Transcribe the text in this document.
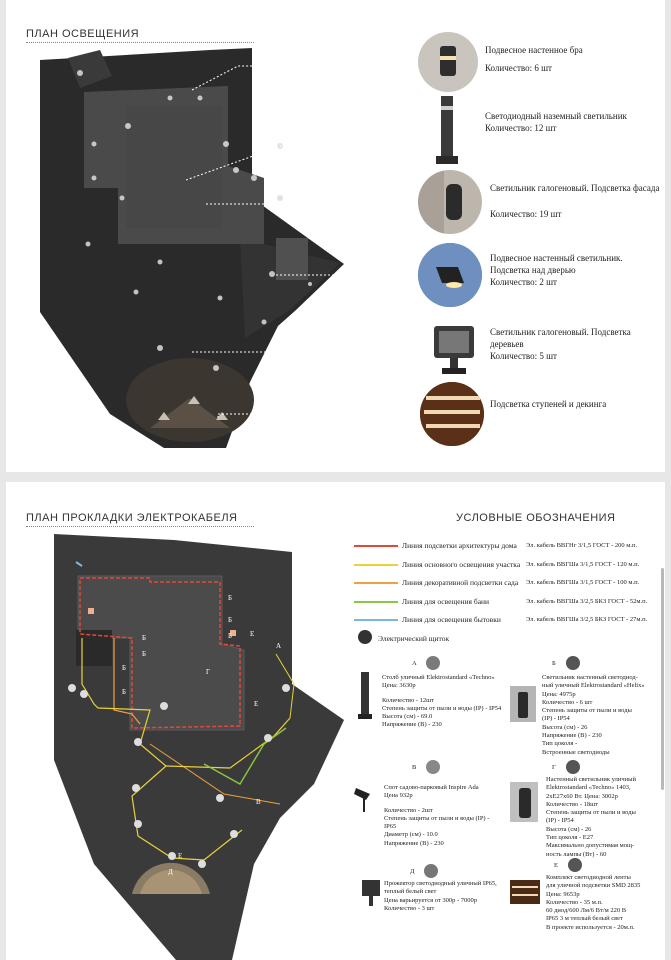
ПЛАН ОСВЕЩЕНИЯ
Подвесное настенное бра
Количество: 6 шт
Светодиодный наземный светильник
Количество: 12 шт
Светильник галогеновый. Подсветка фасада
Количество: 19 шт
Подвесное настенный светильник. Подсветка над дверью
Количество: 2 шт
Светильник галогеновый. Подсветка деревьев
Количество: 5 шт
Подсветка ступеней и декинга
ПЛАН ПРОКЛАДКИ ЭЛЕКТРОКАБЕЛЯ	УСЛОВНЫЕ ОБОЗНАЧЕНИЯ
Б
Б
Б
Б
Б
Б
Б
Г
Е
Е
А
В
Е
Д
Линия подсветки архитектуры дома Эл. кабель ВВГНг 3/1,5 ГОСТ - 200 м.п.
Линия основного освещения участка Эл. кабель ВВГШа 3/1,5 ГОСТ - 120 м.п.
Линия декоративной подсветки сада Эл. кабель ВВГШа 3/1,5 ГОСТ - 100 м.п.
Линия для освещения бани	Эл. кабель ВВГШа 3/2,5 БКЗ ГОСТ - 52м.п.
Линия для освещения бытовки	Эл. кабель ВВГШа 3/2,5 БКЗ ГОСТ - 27м.п.
Электрический щиток
А
Столб уличный Elektrostandard «Techno»
Цена: 3630р
Количество - 12шт
Степень защиты от пыли и воды (IP) - IP54
Высота (см) - 69.0
Напряжение (В) - 230
Б
Светильник настенный светодиод-
ный уличный Elektrostandard «Helix»
Цена: 4975р
Количество - 6 шт
Степень защиты от пыли и воды
(IP) - IP54
Высота (см) - 26
Напряжение (В) - 230
Тип цоколя -
Встроенные светодиоды
В
Спот садово-парковый Inspire Ada
Цена 932р
Количество - 2шт
Степень защиты от пыли и воды (IP) -
IP65
Диаметр (см) - 10.0
Напряжение (В) - 230
Г
Настенный светильник уличный
Elektrostandard «Techno» 1403,
2хE27х60 Вт. Цена: 3002р
Количество - 18шт
Степень защиты от пыли и воды
(IP) - IP54
Высота (см) - 26
Тип цоколя - E27
Максимально допустимая мощ-
ность лампы (Вт) - 60
Д
Прожектор светодиодный уличный IP65,
теплый белый свет
Цена варьируется от 300р - 7000р
Количество - 3 шт
Е
Комплект светодиодной ленты
для уличной подсветки SMD 2835
Цена: 9653р
Количество - 35 м.п.
60 диод/600 Лм/6 Вт/м 220 В
IP65 3 м теплый белый свет
В проекте используется - 20м.п.
